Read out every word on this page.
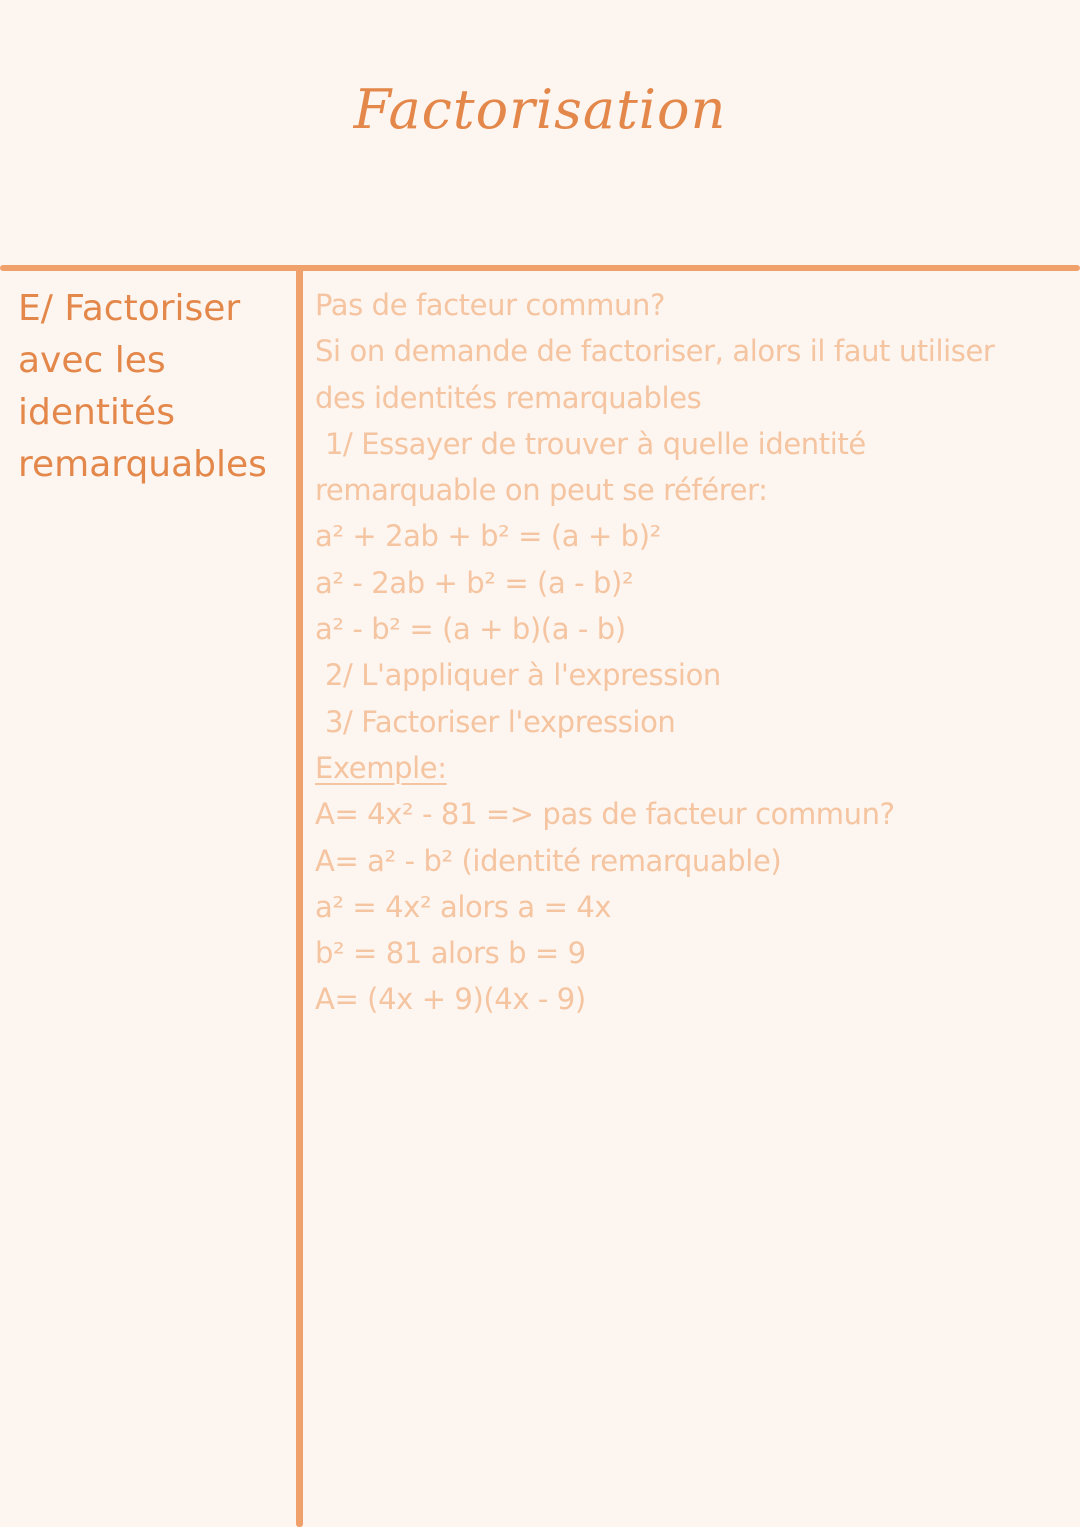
Factorisation
E/ Factoriser
avec les
identités
remarquables
Pas de facteur commun?
Si on demande de factoriser, alors il faut utiliser
des identités remarquables
1/ Essayer de trouver à quelle identité
remarquable on peut se référer:
a² + 2ab + b² = (a + b)²
a² - 2ab + b² = (a - b)²
a² - b² = (a + b)(a - b)
2/ L'appliquer à l'expression
3/ Factoriser l'expression
Exemple:
A= 4x² - 81 => pas de facteur commun?
A= a² - b² (identité remarquable)
a² = 4x² alors a = 4x
b² = 81 alors b = 9
A= (4x + 9)(4x - 9)
